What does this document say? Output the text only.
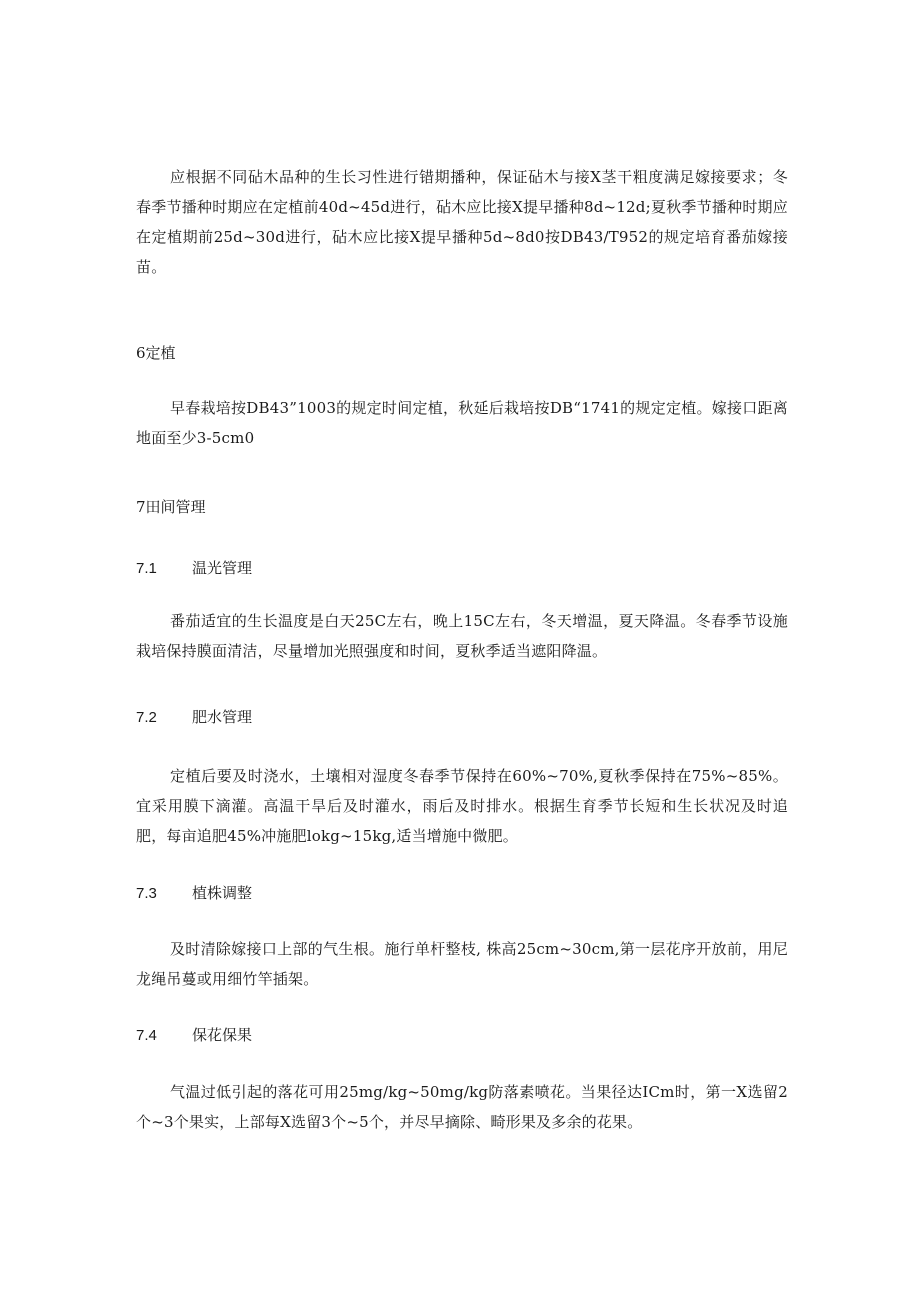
应根据不同砧木品种的生长习性进行错期播种，保证砧木与接X茎干粗度满足嫁接要求；冬春季节播种时期应在定植前40d~45d进行，砧木应比接X提早播种8d~12d;夏秋季节播种时期应在定植期前25d~30d进行，砧木应比接X提早播种5d~8d0按DB43/T952的规定培育番茄嫁接苗。

6定植

早春栽培按DB43”1003的规定时间定植，秋延后栽培按DB“1741的规定定植。嫁接口距离地面至少3-5cm0

7田间管理
7.1 温光管理

番茄适宜的生长温度是白天25C左右，晚上15C左右，冬天增温，夏天降温。冬春季节设施栽培保持膜面清洁，尽量增加光照强度和时间，夏秋季适当遮阳降温。

7.2 肥水管理

定植后要及时浇水，土壤相对湿度冬春季节保持在60%~70%,夏秋季保持在75%~85%。宜采用膜下滴灌。高温干旱后及时灌水，雨后及时排水。根据生育季节长短和生长状况及时追肥，每亩追肥45%冲施肥lokg~15kg,适当增施中微肥。

7.3 植株调整

及时清除嫁接口上部的气生根。施行单杆整枝, 株高25cm~30cm,第一层花序开放前，用尼龙绳吊蔓或用细竹竿插架。

7.4 保花保果

气温过低引起的落花可用25mg∕kg~50mg/kg防落素喷花。当果径达ICm时，第一X选留2个~3个果实，上部每X选留3个~5个，并尽早摘除、畸形果及多余的花果。
